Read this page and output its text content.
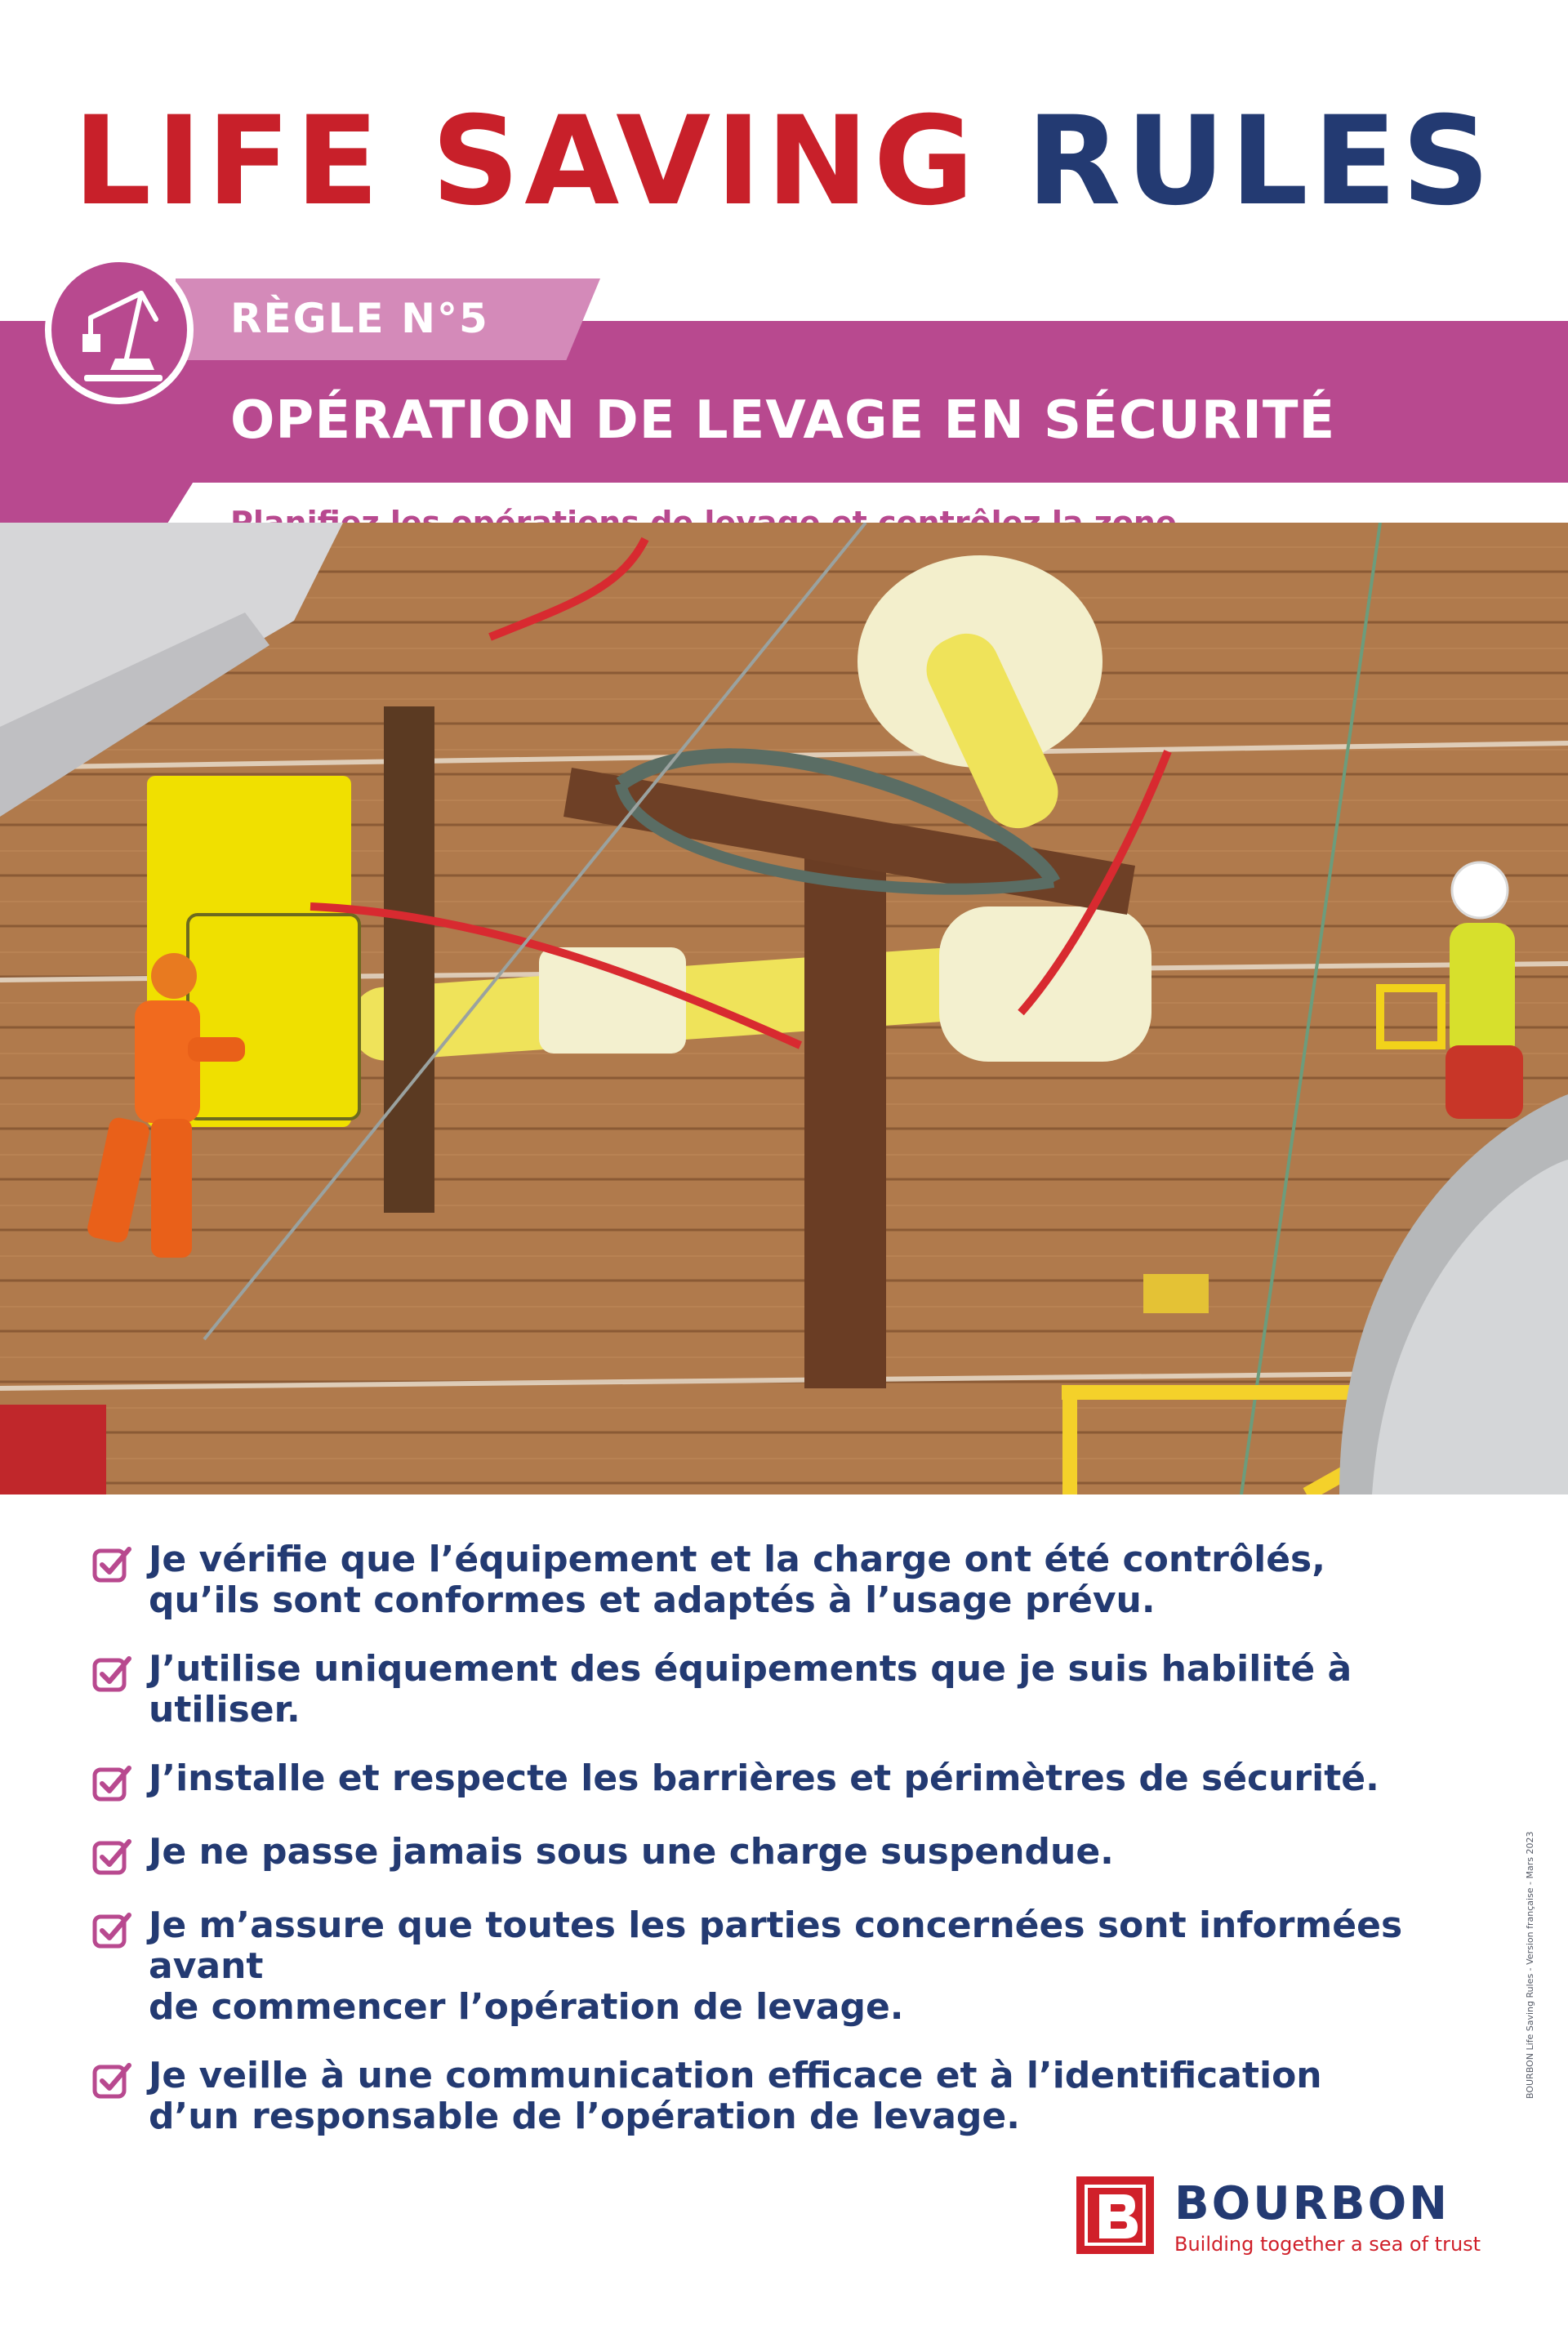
LIFE SAVING RULES
RÈGLE N°5
OPÉRATION DE LEVAGE EN SÉCURITÉ
Je vérifie que l’équipement et la charge ont été contrôlés,
qu’ils sont conformes et adaptés à l’usage prévu.
J’utilise uniquement des équipements que je suis habilité à utiliser.
J’installe et respecte les barrières et périmètres de sécurité.
Je ne passe jamais sous une charge suspendue.
Je m’assure que toutes les parties concernées sont informées avant
de commencer l’opération de levage.
Je veille à une communication efficace et à l’identification
d’un responsable de l’opération de levage.
BOURBON Life Saving Rules - Version française - Mars 2023
BOURBON
Building together a sea of trust
